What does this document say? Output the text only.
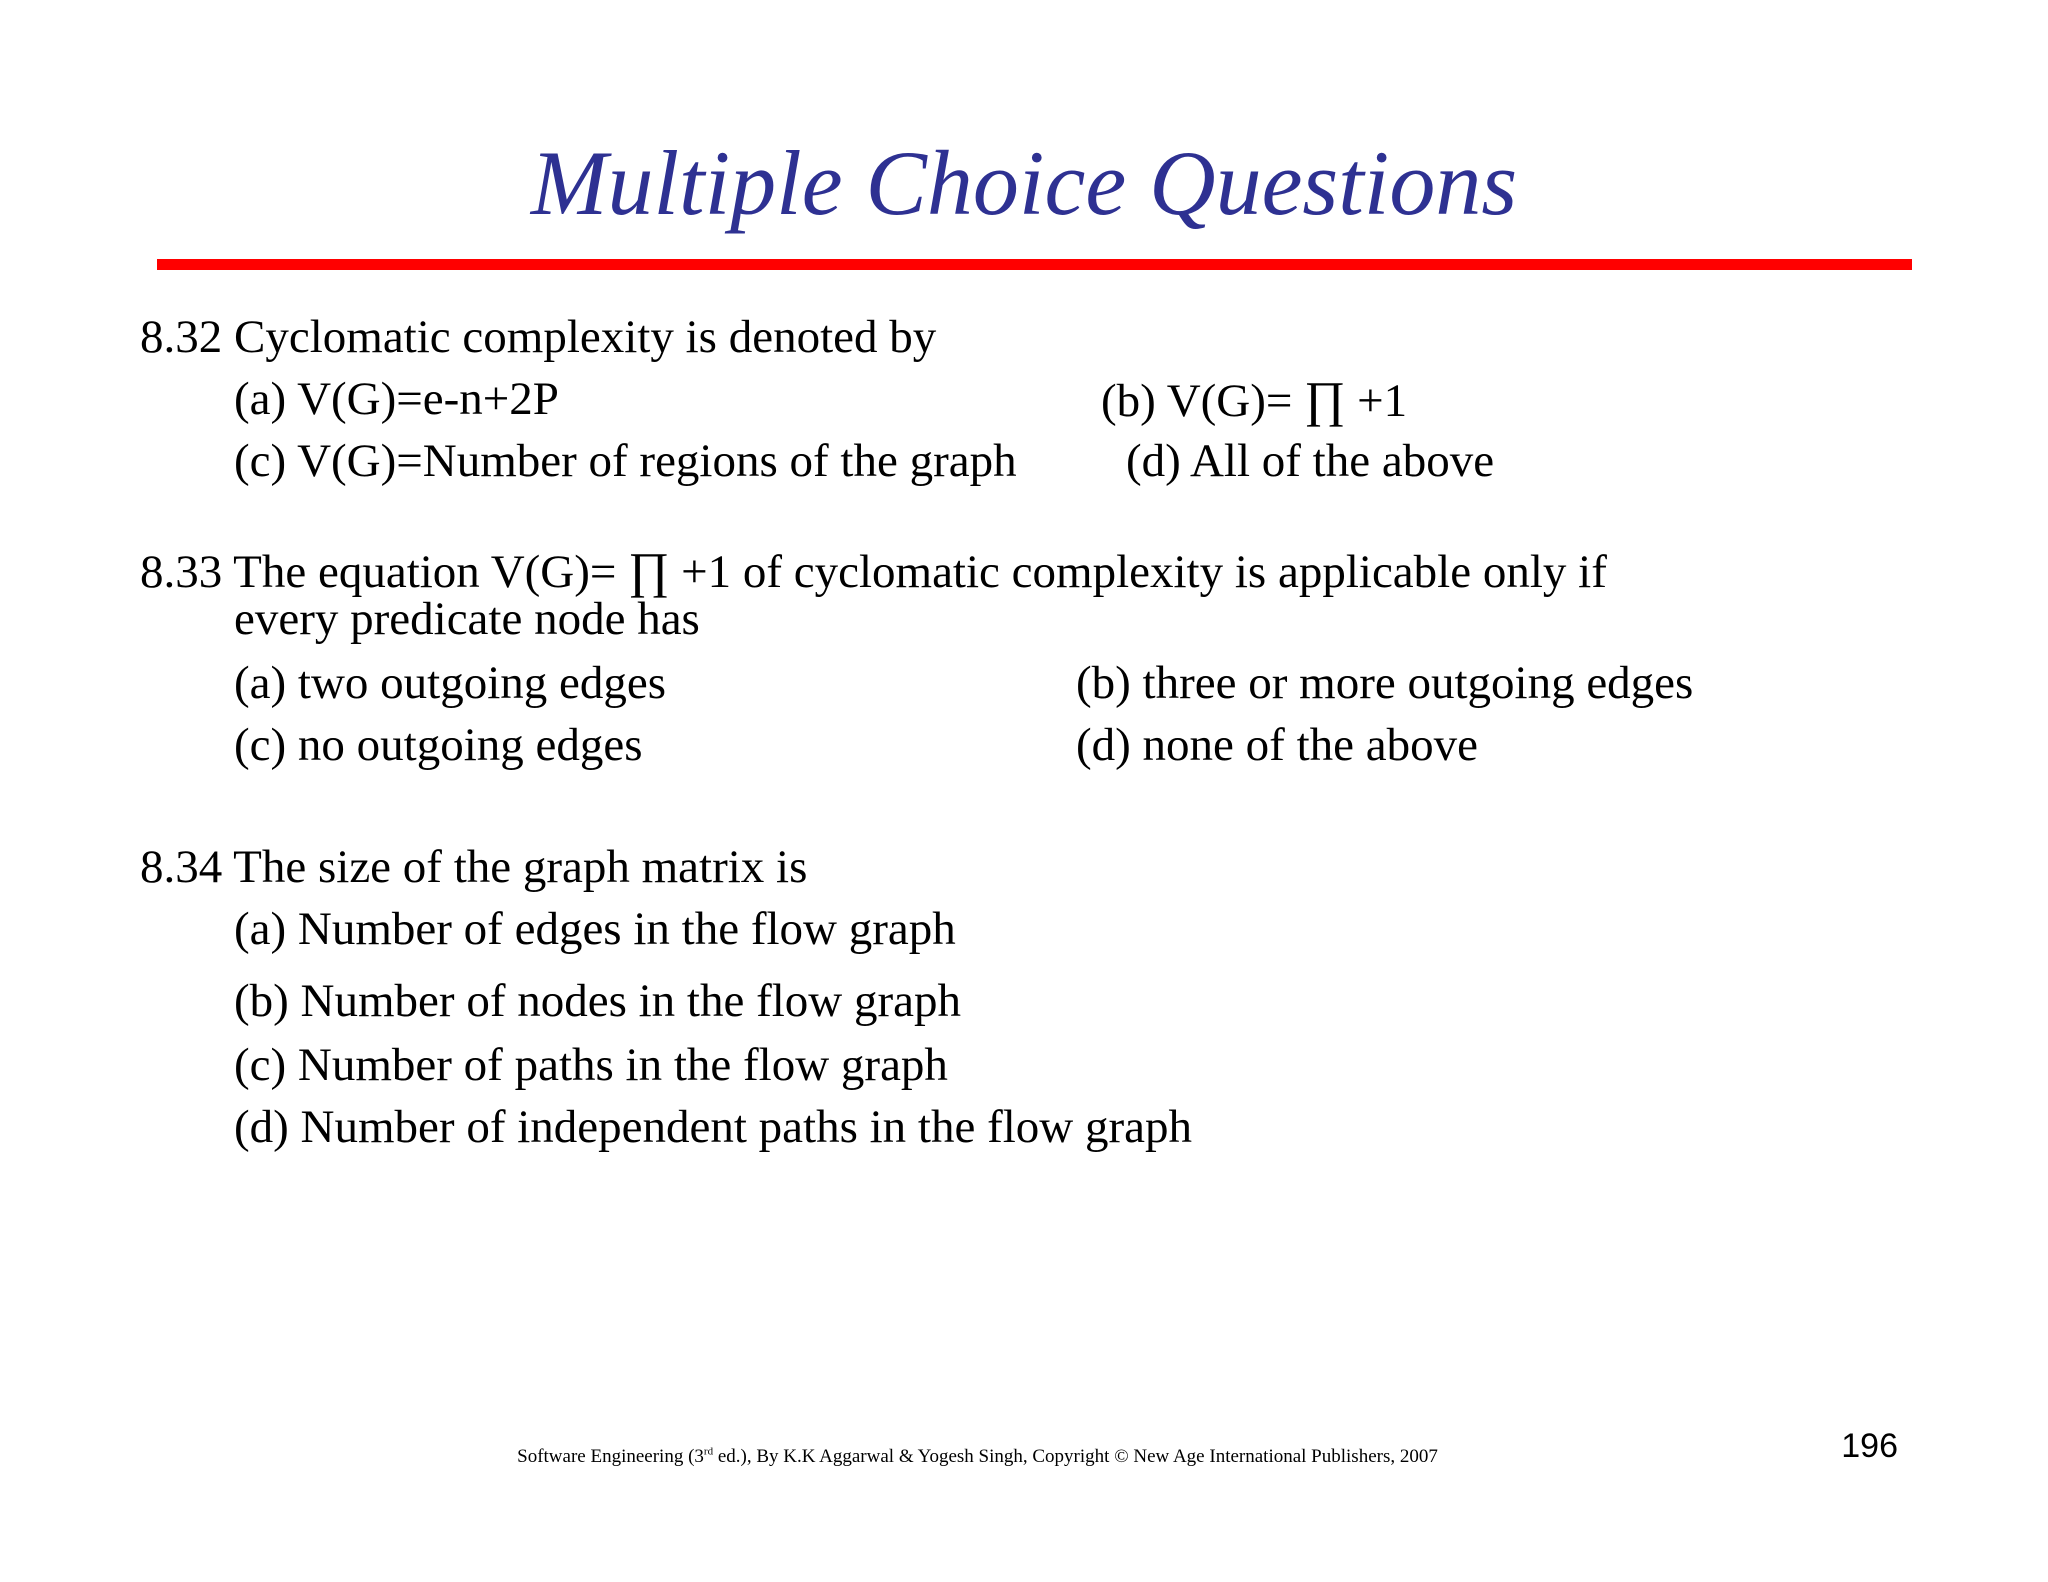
Multiple Choice Questions
8.32 Cyclomatic complexity is denoted by
(a) V(G)=e-n+2P	(b) V(G)= ∏ +1
(c) V(G)=Number of regions of the graph (d) All of the above
8.33 The equation V(G)= ∏ +1 of cyclomatic complexity is applicable only if
every predicate node has
(a) two outgoing edges	(b) three or more outgoing edges
(c) no outgoing edges	(d) none of the above
8.34 The size of the graph matrix is
(a) Number of edges in the flow graph
(b) Number of nodes in the flow graph
(c) Number of paths in the flow graph
(d) Number of independent paths in the flow graph
Software Engineering (3rd ed.), By K.K Aggarwal & Yogesh Singh, Copyright © New Age International Publishers, 2007	196
